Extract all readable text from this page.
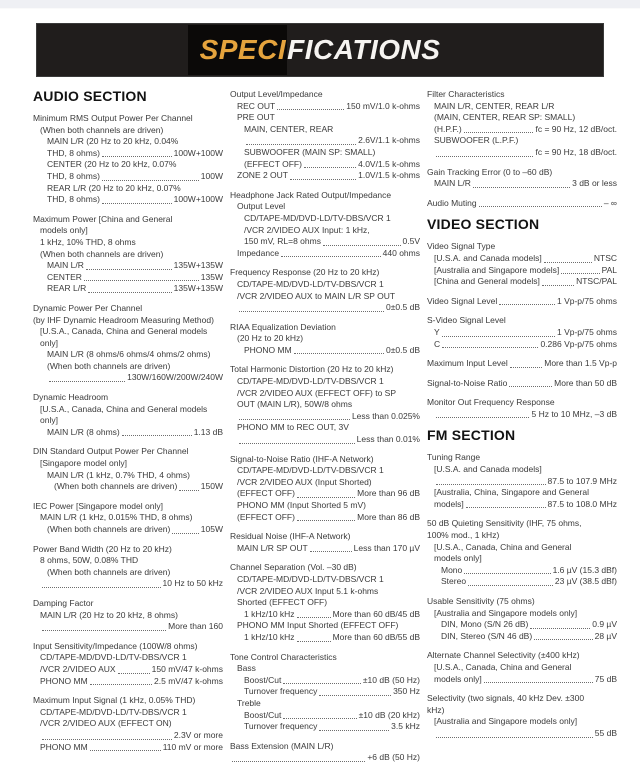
SPECI FICATIONS
AUDIO SECTION
Minimum RMS Output Power Per Channel
(When both channels are driven)
MAIN L/R (20 Hz to 20 kHz, 0.04%
THD, 8 ohms)	100W+100W
CENTER (20 Hz to 20 kHz, 0.07%
THD, 8 ohms)	100W
REAR L/R (20 Hz to 20 kHz, 0.07%
THD, 8 ohms)	100W+100W
Maximum Power [China and General
models only]
1 kHz, 10% THD, 8 ohms
(When both channels are driven)
MAIN L/R	135W+135W
CENTER	135W
REAR L/R	135W+135W
Dynamic Power Per Channel
(by IHF Dynamic Headroom Measuring Method)
[U.S.A., Canada, China and General models
only]
MAIN L/R (8 ohms/6 ohms/4 ohms/2 ohms)
(When both channels are driven)
130W/160W/200W/240W
Dynamic Headroom
[U.S.A., Canada, China and General models
only]
MAIN L/R (8 ohms)	1.13 dB
DIN Standard Output Power Per Channel
[Singapore model only]
MAIN L/R (1 kHz, 0.7% THD, 4 ohms)
(When both channels are driven)	150W
IEC Power [Singapore model only]
MAIN L/R (1 kHz, 0.015% THD, 8 ohms)
(When both channels are driven)	105W
Power Band Width (20 Hz to 20 kHz)
8 ohms, 50W, 0.08% THD
(When both channels are driven)
10 Hz to 50 kHz
Damping Factor
MAIN L/R (20 Hz to 20 kHz, 8 ohms)
More than 160
Input Sensitivity/Impedance (100W/8 ohms)
CD/TAPE-MD/DVD-LD/TV-DBS/VCR 1
/VCR 2/VIDEO AUX	150 mV/47 k-ohms
PHONO MM	2.5 mV/47 k-ohms
Maximum Input Signal (1 kHz, 0.05% THD)
CD/TAPE-MD/DVD-LD/TV-DBS/VCR 1
/VCR 2/VIDEO AUX (EFFECT ON)
2.3V or more
PHONO MM	110 mV or more
Output Level/Impedance
REC OUT	150 mV/1.0 k-ohms
PRE OUT
MAIN, CENTER, REAR
2.6V/1.1 k-ohms
SUBWOOFER (MAIN SP: SMALL)
(EFFECT OFF)	4.0V/1.5 k-ohms
ZONE 2 OUT	1.0V/1.5 k-ohms
Headphone Jack Rated Output/Impedance
Output Level
CD/TAPE-MD/DVD-LD/TV-DBS/VCR 1
/VCR 2/VIDEO AUX Input: 1 kHz,
150 mV, RL=8 ohms	0.5V
Impedance	440 ohms
Frequency Response (20 Hz to 20 kHz)
CD/TAPE-MD/DVD-LD/TV-DBS/VCR 1
/VCR 2/VIDEO AUX to MAIN L/R SP OUT
0±0.5 dB
RIAA Equalization Deviation
(20 Hz to 20 kHz)
PHONO MM	0±0.5 dB
Total Harmonic Distortion (20 Hz to 20 kHz)
CD/TAPE-MD/DVD-LD/TV-DBS/VCR 1
/VCR 2/VIDEO AUX (EFFECT OFF) to SP
OUT (MAIN L/R), 50W/8 ohms
Less than 0.025%
PHONO MM to REC OUT, 3V
Less than 0.01%
Signal-to-Noise Ratio (IHF-A Network)
CD/TAPE-MD/DVD-LD/TV-DBS/VCR 1
/VCR 2/VIDEO AUX (Input Shorted)
(EFFECT OFF)	More than 96 dB
PHONO MM (Input Shorted 5 mV)
(EFFECT OFF)	More than 86 dB
Residual Noise (IHF-A Network)
MAIN L/R SP OUT	Less than 170 µV
Channel Separation (Vol. –30 dB)
CD/TAPE-MD/DVD-LD/TV-DBS/VCR 1
/VCR 2/VIDEO AUX Input 5.1 k-ohms
Shorted (EFFECT OFF)
1 kHz/10 kHz	More than 60 dB/45 dB
PHONO MM Input Shorted (EFFECT OFF)
1 kHz/10 kHz	More than 60 dB/55 dB
Tone Control Characteristics
Bass
Boost/Cut	±10 dB (50 Hz)
Turnover frequency	350 Hz
Treble
Boost/Cut	±10 dB (20 kHz)
Turnover frequency	3.5 kHz
Bass Extension (MAIN L/R)
+6 dB (50 Hz)
Filter Characteristics
MAIN L/R, CENTER, REAR L/R
(MAIN, CENTER, REAR SP: SMALL)
(H.P.F.)	fc = 90 Hz, 12 dB/oct.
SUBWOOFER (L.P.F.)
fc = 90 Hz, 18 dB/oct.
Gain Tracking Error (0 to –60 dB)
MAIN L/R	3 dB or less
Audio Muting	– ∞
VIDEO SECTION
Video Signal Type
[U.S.A. and Canada models]	NTSC
[Australia and Singapore models]	PAL
[China and General models]	NTSC/PAL
Video Signal Level	1 Vp-p/75 ohms
S-Video Signal Level
Y	1 Vp-p/75 ohms
C	0.286 Vp-p/75 ohms
Maximum Input Level	More than 1.5 Vp-p
Signal-to-Noise Ratio	More than 50 dB
Monitor Out Frequency Response
5 Hz to 10 MHz, –3 dB
FM SECTION
Tuning Range
[U.S.A. and Canada models]
87.5 to 107.9 MHz
[Australia, China, Singapore and General
models]	87.5 to 108.0 MHz
50 dB Quieting Sensitivity (IHF, 75 ohms,
100% mod., 1 kHz)
[U.S.A., Canada, China and General
models only]
Mono	1.6 µV (15.3 dBf)
Stereo	23 µV (38.5 dBf)
Usable Sensitivity (75 ohms)
[Australia and Singapore models only]
DIN, Mono (S/N 26 dB)	0.9 µV
DIN, Stereo (S/N 46 dB)	28 µV
Alternate Channel Selectivity (±400 kHz)
[U.S.A., Canada, China and General
models only]	75 dB
Selectivity (two signals, 40 kHz Dev. ±300
kHz)
[Australia and Singapore models only]
55 dB
